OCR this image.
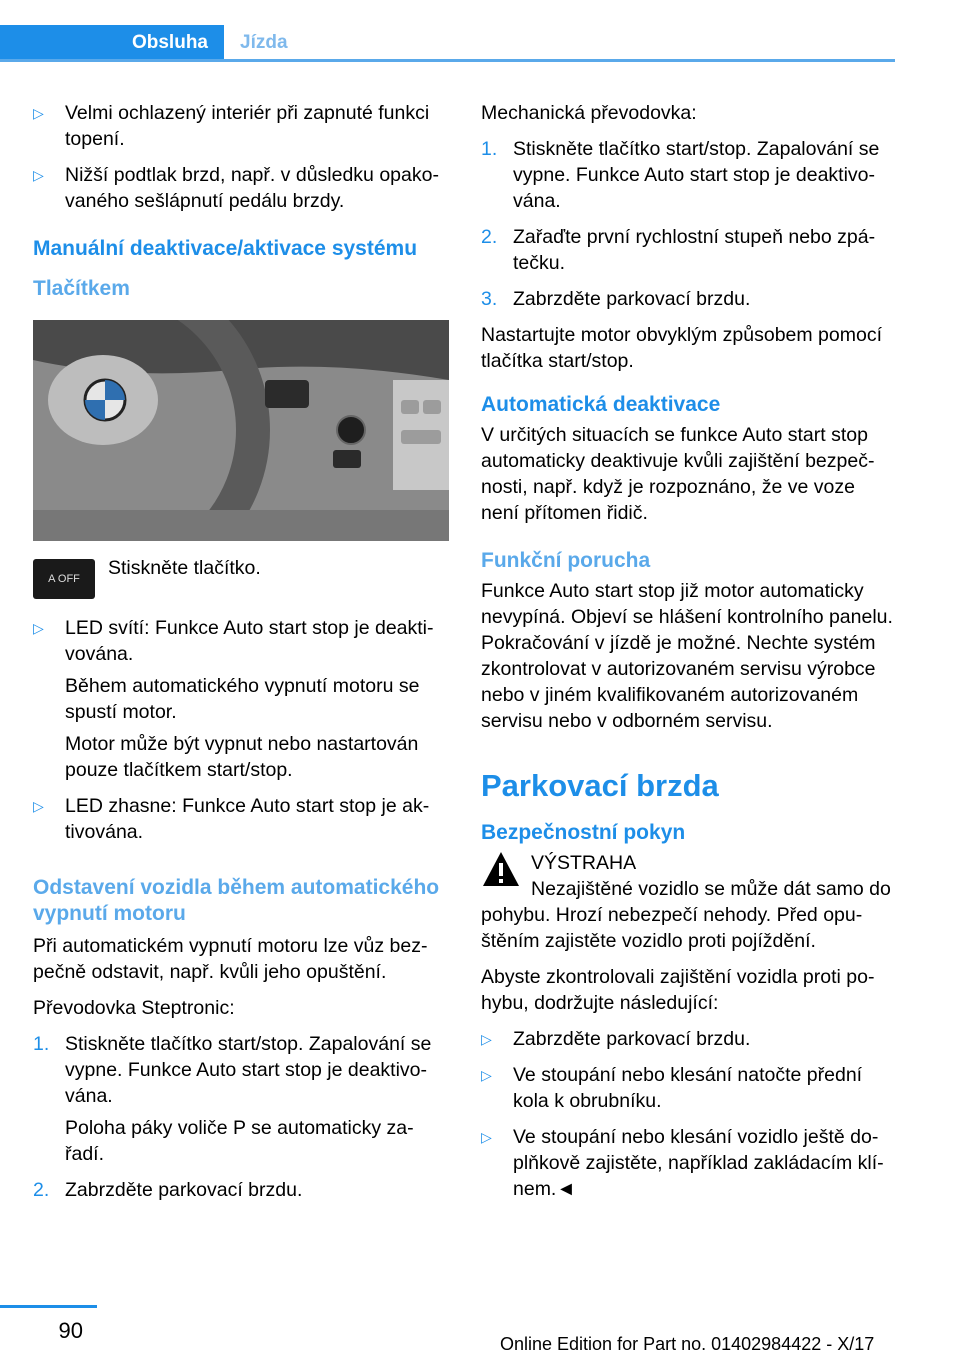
Obsluha	Jízda
▷	Velmi ochlazený interiér při zapnuté funkci topení.

▷	Nižší podtlak brzd, např. v důsledku opako‐vaného sešlápnutí pedálu brzdy.

Manuální deaktivace/aktivace systému
Tlačítkem
A OFF Stiskněte tlačítko.
▷	LED svítí: Funkce Auto start stop je deakti‐vována.

Během automatického vypnutí motoru se spustí motor.

Motor může být vypnut nebo nastartován pouze tlačítkem start/stop.

▷	LED zhasne: Funkce Auto start stop je ak‐tivována.

Odstavení vozidla během automatického vypnutí motoru

Při automatickém vypnutí motoru lze vůz bez‐pečně odstavit, např. kvůli jeho opuštění.

Převodovka Steptronic:

1. Stiskněte tlačítko start/stop. Zapalování se vypne. Funkce Auto start stop je deaktivo‐vána.

Poloha páky voliče P se automaticky za‐řadí.

2. Zabrzděte parkovací brzdu.

Mechanická převodovka:

1. Stiskněte tlačítko start/stop. Zapalování se vypne. Funkce Auto start stop je deaktivo‐vána.

2. Zařaďte první rychlostní stupeň nebo zpá‐tečku.

3. Zabrzděte parkovací brzdu.

Nastartujte motor obvyklým způsobem pomocí tlačítka start/stop.

Automatická deaktivace

V určitých situacích se funkce Auto start stop automaticky deaktivuje kvůli zajištění bezpeč‐nosti, např. když je rozpoznáno, že ve voze není přítomen řidič.

Funkční porucha

Funkce Auto start stop již motor automaticky nevypíná. Objeví se hlášení kontrolního panelu. Pokračování v jízdě je možné. Nechte systém zkontrolovat v autorizovaném servisu výrobce nebo v jiném kvalifikovaném autorizovaném servisu nebo v odborném servisu.

Parkovací brzda
Bezpečnostní pokyn
VÝSTRAHA

Nezajištěné vozidlo se může dát samo do pohybu. Hrozí nebezpečí nehody. Před opu‐štěním zajistěte vozidlo proti pojíždění.

Abyste zkontrolovali zajištění vozidla proti po‐hybu, dodržujte následující:

▷	Zabrzděte parkovací brzdu.

▷	Ve stoupání nebo klesání natočte přední kola k obrubníku.

▷	Ve stoupání nebo klesání vozidlo ještě do‐plňkově zajistěte, například zakládacím klí‐nem.◄

90
Online Edition for Part no. 01402984422 - X/17
